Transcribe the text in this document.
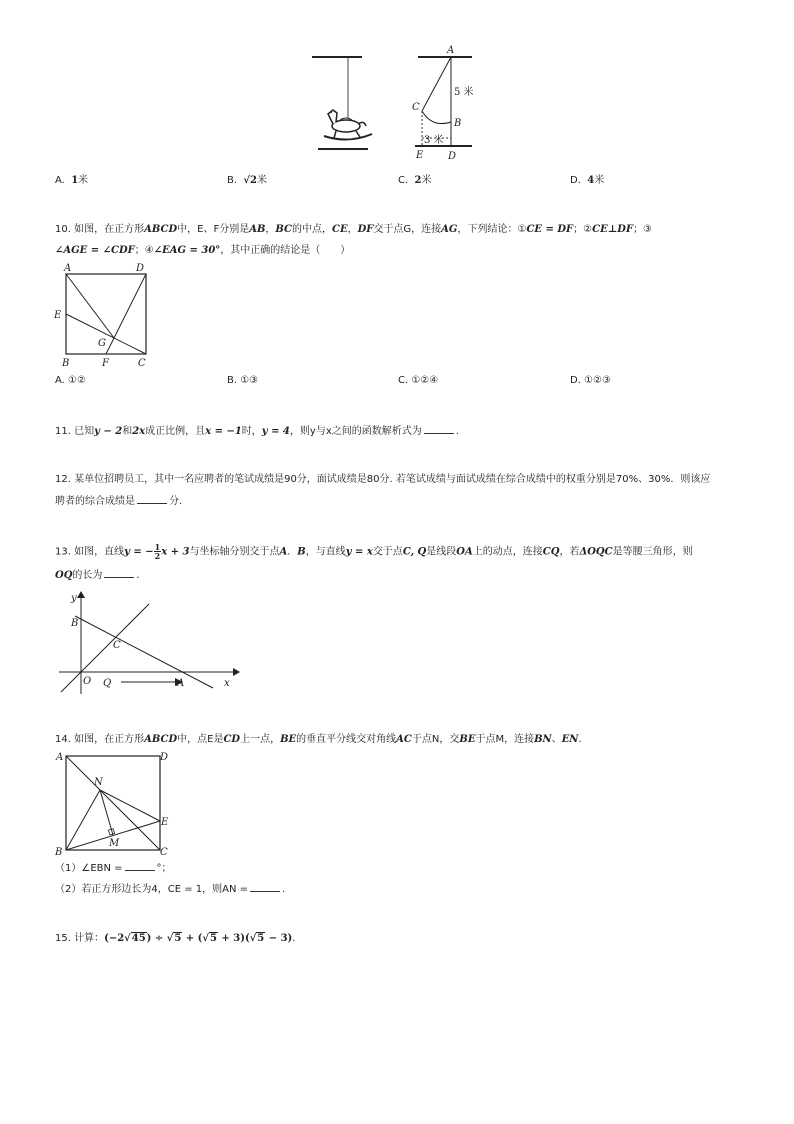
A
5 米
C
B
3 米
E D
A. 1米	B. √2米	C. 2米	D. 4米
10. 如图，在正方形ABCD中，E、F分别是AB，BC的中点，CE，DF交于点G，连接AG，下列结论：①CE = DF；②CE⊥DF；③
∠AGE = ∠CDF；④∠EAG = 30°，其中正确的结论是（　　）
A	D
E
G
B	F	C
A. ①②	B. ①③	C. ①②④	D. ①②③
11. 已知y − 2和2x成正比例，且x = −1时，y = 4，则y与x之间的函数解析式为	.
12. 某单位招聘员工，其中一名应聘者的笔试成绩是90分，面试成绩是80分. 若笔试成绩与面试成绩在综合成绩中的权重分别是70%、30%．则该应
聘者的综合成绩是	分.
13. 如图，直线y = − $\frac{1}{2}$ x + 3与坐标轴分别交于点A．B，与直线y = x交于点C, Q是线段OA上的动点，连接CQ，若ΔOQC是等腰三角形，则
OQ的长为	.
y
B
C
O Q	A	x
14. 如图，在正方形ABCD中，点E是CD上一点，BE的垂直平分线交对角线AC于点N，交BE于点M，连接BN、EN.
A	D
N
E
M
B	C
（1）∠EBN =	°；
（2）若正方形边长为4，CE = 1，则AN =	.
15. 计算：(−2√45) ÷ √5 + (√5 + 3)(√5 − 3).
